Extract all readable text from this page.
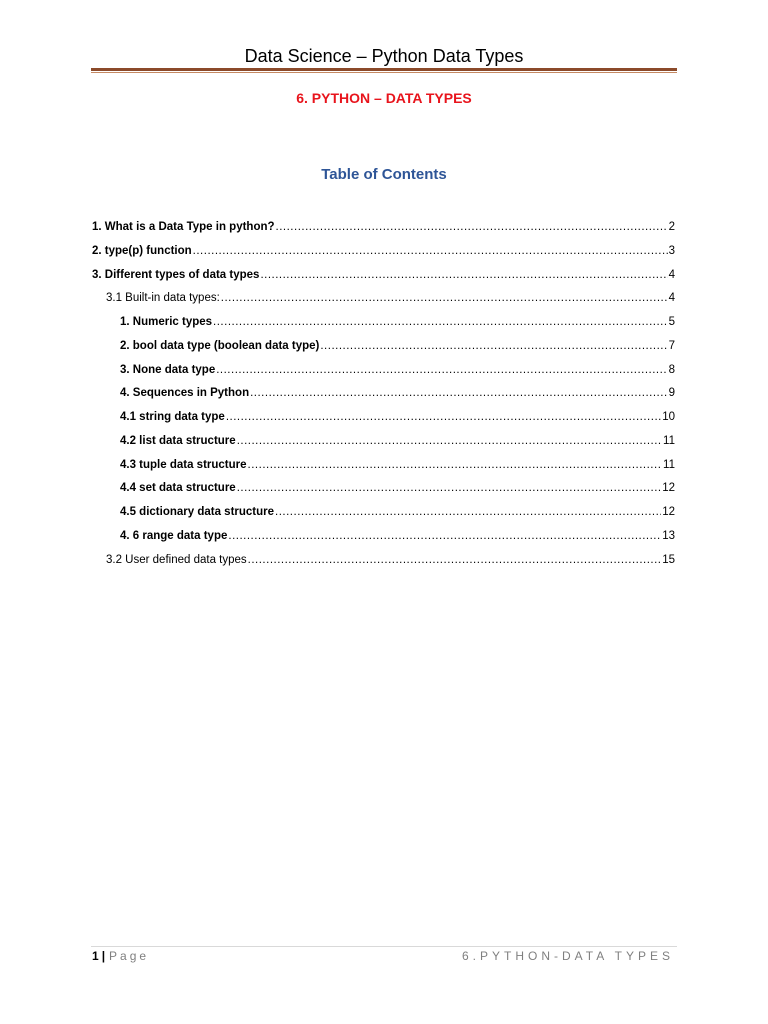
Data Science – Python Data Types
6. PYTHON – DATA TYPES
Table of Contents
1. What is a Data Type in python? .....	2
2. type(p) function .....	3
3. Different types of data types .....	4
3.1 Built-in data types: .....	4
1. Numeric types .....	5
2. bool data type (boolean data type) .....	7
3. None data type .....	8
4. Sequences in Python .....	9
4.1 string data type .....	10
4.2 list data structure .....	11
4.3 tuple data structure .....	11
4.4 set data structure .....	12
4.5 dictionary data structure .....	12
4. 6 range data type .....	13
3.2 User defined data types .....	15
1 | Page	6.PYTHON-DATA TYPES
